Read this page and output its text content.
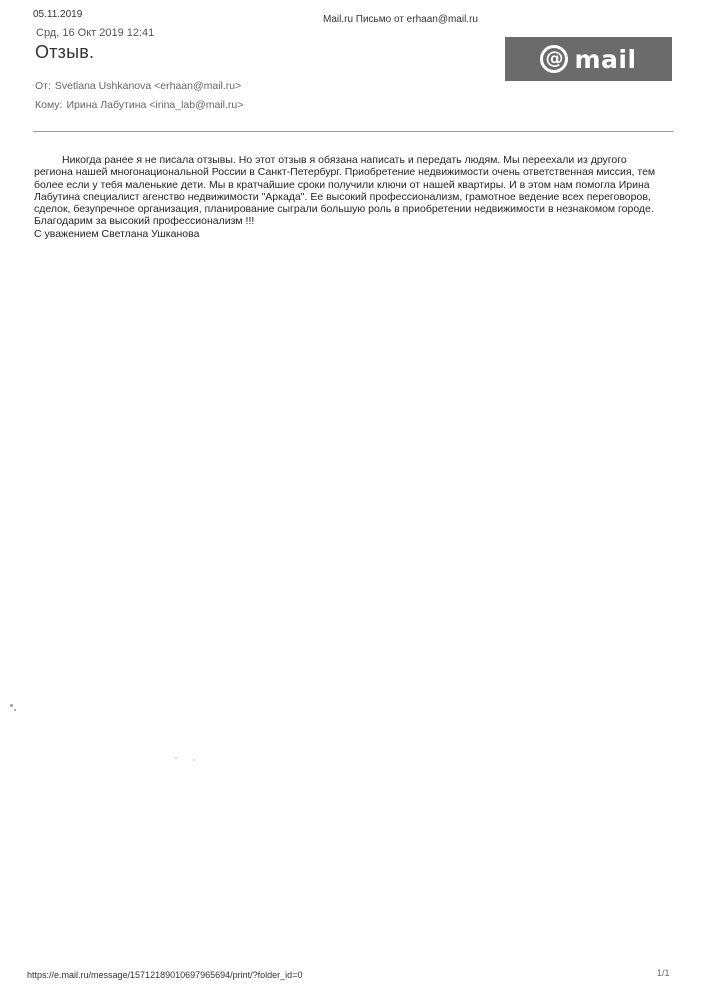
05.11.2019	Mail.ru Письмо от erhaan@mail.ru
Срд, 16 Окт 2019 12:41
Отзыв.	@ mail
От: Svetlana Ushkanova <erhaan@mail.ru>
Кому: Ирина Лабутина <irina_lab@mail.ru>
Никогда ранее я не писала отзывы. Но этот отзыв я обязана написать и передать людям. Мы переехали из другого
региона нашей многонациональной России в Санкт-Петербург. Приобретение недвижимости очень ответственная миссия, тем
более если у тебя маленькие дети. Мы в кратчайшие сроки получили ключи от нашей квартиры. И в этом нам помогла Ирина
Лабутина специалист агенство недвижимости "Аркада". Ее высокий профессионализм, грамотное ведение всех переговоров,
сделок, безупречное организация, планирование сыграли большую роль в приобретении недвижимости в незнакомом городе.
Благодарим за высокий профессионализм !!!
С уважением Светлана Ушканова
https://e.mail.ru/message/15712189010697965694/print/?folder_id=0	1/1
